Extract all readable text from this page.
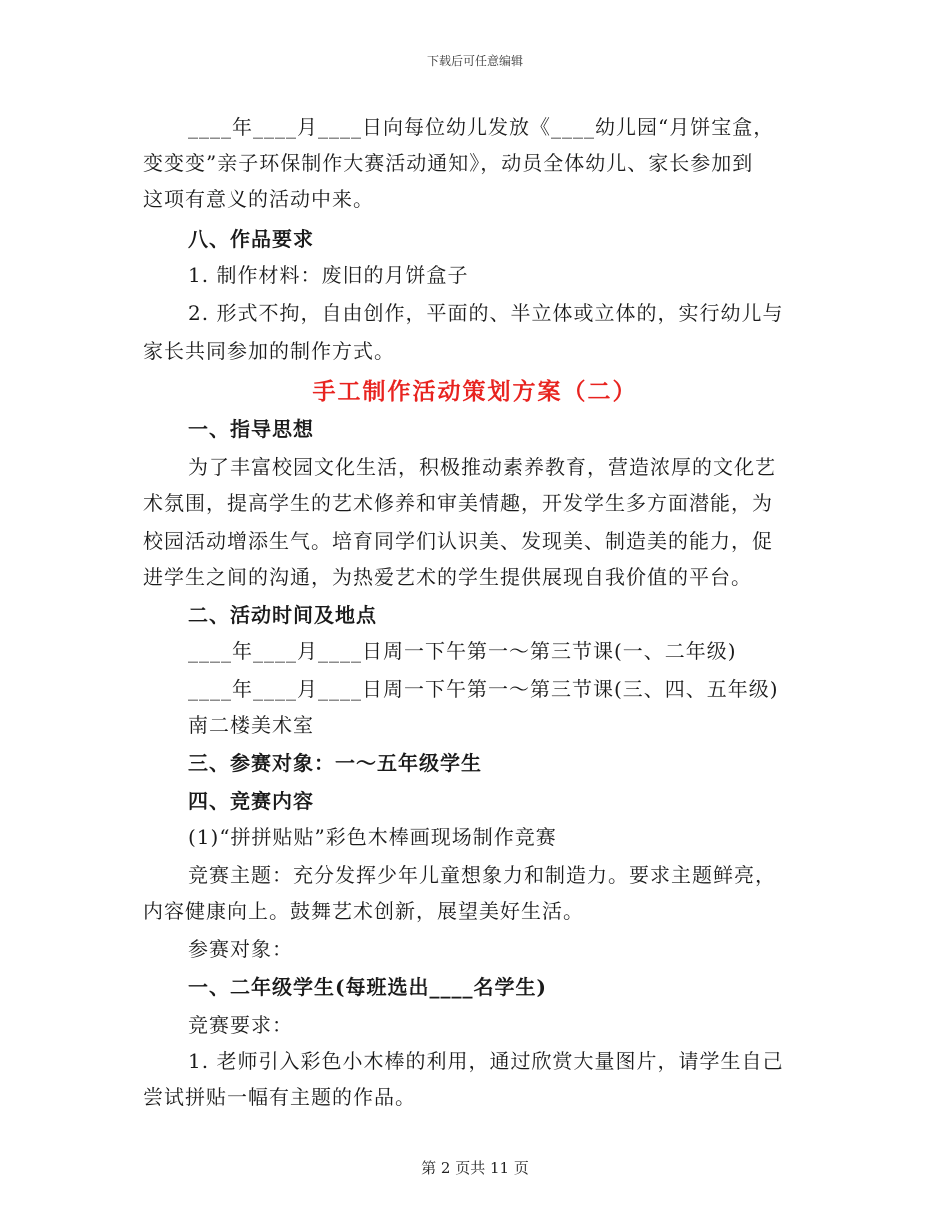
下载后可任意编辑
____年____月____日向每位幼儿发放《____幼儿园“月饼宝盒，
变变变”亲子环保制作大赛活动通知》，动员全体幼儿、家长参加到
这项有意义的活动中来。
八、作品要求
1. 制作材料：废旧的月饼盒子
2. 形式不拘，自由创作，平面的、半立体或立体的，实行幼儿与
家长共同参加的制作方式。
手工制作活动策划方案（二）
一、指导思想
为了丰富校园文化生活，积极推动素养教育，营造浓厚的文化艺
术氛围，提高学生的艺术修养和审美情趣，开发学生多方面潜能，为
校园活动增添生气。培育同学们认识美、发现美、制造美的能力，促
进学生之间的沟通，为热爱艺术的学生提供展现自我价值的平台。
二、活动时间及地点
____年____月____日周一下午第一～第三节课(一、二年级)
____年____月____日周一下午第一～第三节课(三、四、五年级)
南二楼美术室
三、参赛对象：一～五年级学生
四、竞赛内容
(1)“拼拼贴贴”彩色木棒画现场制作竞赛
竞赛主题：充分发挥少年儿童想象力和制造力。要求主题鲜亮，
内容健康向上。鼓舞艺术创新，展望美好生活。
参赛对象：
一、二年级学生(每班选出____名学生)
竞赛要求：
1. 老师引入彩色小木棒的利用，通过欣赏大量图片，请学生自己
尝试拼贴一幅有主题的作品。
第 2 页共 11 页
